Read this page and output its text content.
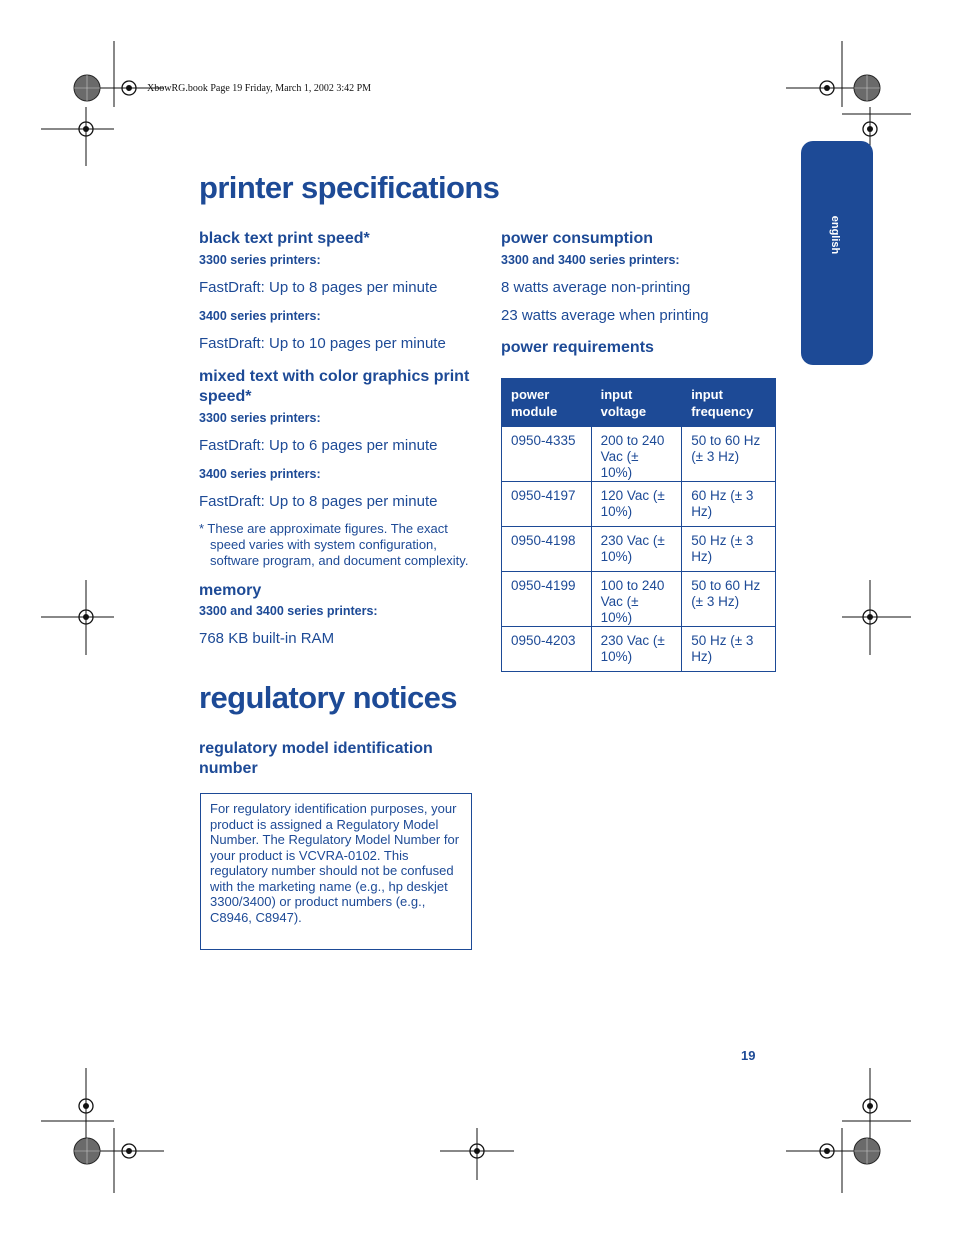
XbowRG.book Page 19 Friday, March 1, 2002 3:42 PM
english
printer specifications
black text print speed*
3300 series printers:
FastDraft: Up to 8 pages per minute
3400 series printers:
FastDraft: Up to 10 pages per minute
mixed text with color graphics print speed*
3300 series printers:
FastDraft: Up to 6 pages per minute
3400 series printers:
FastDraft: Up to 8 pages per minute
* These are approximate figures. The exact speed varies with system configuration, software program, and document complexity.
memory
3300 and 3400 series printers:
768 KB built-in RAM
power consumption
3300 and 3400 series printers:
8 watts average non-printing
23 watts average when printing
power requirements
power module	input voltage	input frequency
0950-4335	200 to 240 Vac (± 10%)	50 to 60 Hz (± 3 Hz)
0950-4197	120 Vac (± 10%)	60 Hz (± 3 Hz)
0950-4198	230 Vac (± 10%)	50 Hz (± 3 Hz)
0950-4199	100 to 240 Vac (± 10%)	50 to 60 Hz (± 3 Hz)
0950-4203	230 Vac (± 10%)	50 Hz (± 3 Hz)
regulatory notices
regulatory model identification number
For regulatory identification purposes, your product is assigned a Regulatory Model Number. The Regulatory Model Number for your product is VCVRA-0102. This regulatory number should not be confused with the marketing name (e.g., hp deskjet 3300/3400) or product numbers (e.g., C8946, C8947).
19
